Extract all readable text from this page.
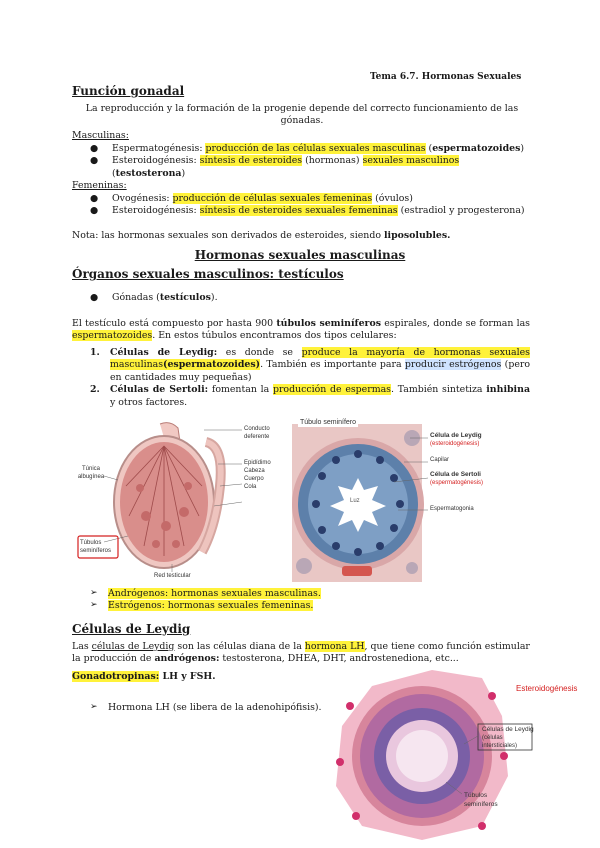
Tema 6.7. Hormonas Sexuales
Función gonadal
La reproducción y la formación de la progenie depende del correcto funcionamiento de las gónadas.
Masculinas:
● Espermatogénesis: producción de las células sexuales masculinas (espermatozoides)
● Esteroidogénesis: síntesis de esteroides (hormonas) sexuales masculinos (testosterona)
Femeninas:
● Ovogénesis: producción de células sexuales femeninas (óvulos)
● Esteroidogénesis: síntesis de esteroides sexuales femeninas (estradiol y progesterona)
Nota: las hormonas sexuales son derivados de esteroides, siendo liposolubles.
Hormonas sexuales masculinas
Órganos sexuales masculinos: testículos
● Gónadas (testículos).
El testículo está compuesto por hasta 900 túbulos seminíferos espirales, donde se forman las espermatozoides. En estos túbulos encontramos dos tipos celulares:
1. Células de Leydig: es donde se produce la mayoría de hormonas sexuales masculinas(espermatozoides). También es importante para producir estrógenos (pero en cantidades muy pequeñas)
2. Células de Sertoli: fomentan la producción de espermas. También sintetiza inhibina y otros factores.
Túnica albugínea
Conducto deferente
Epidídimo
Cabeza
Cuerpo
Cola
Túbulos seminíferos
Red testicular
Túbulo seminífero
Célula de Leydig
(esteroidogénesis)
Capilar
Célula de Sertoli
(espermatogénesis)
Luz
Espermatogonia
➢ Andrógenos: hormonas sexuales masculinas.
➢ Estrógenos: hormonas sexuales femeninas.
Células de Leydig
Las células de Leydig son las células diana de la hormona LH, que tiene como función estimular la producción de andrógenos: testosterona, DHEA, DHT, androstenediona, etc...
Gonadotropinas: LH y FSH.
➢ Hormona LH (se libera de la adenohipófisis).
Esteroidogénesis
Células de Leydig
(células intersticiales)
Túbulos seminíferos
